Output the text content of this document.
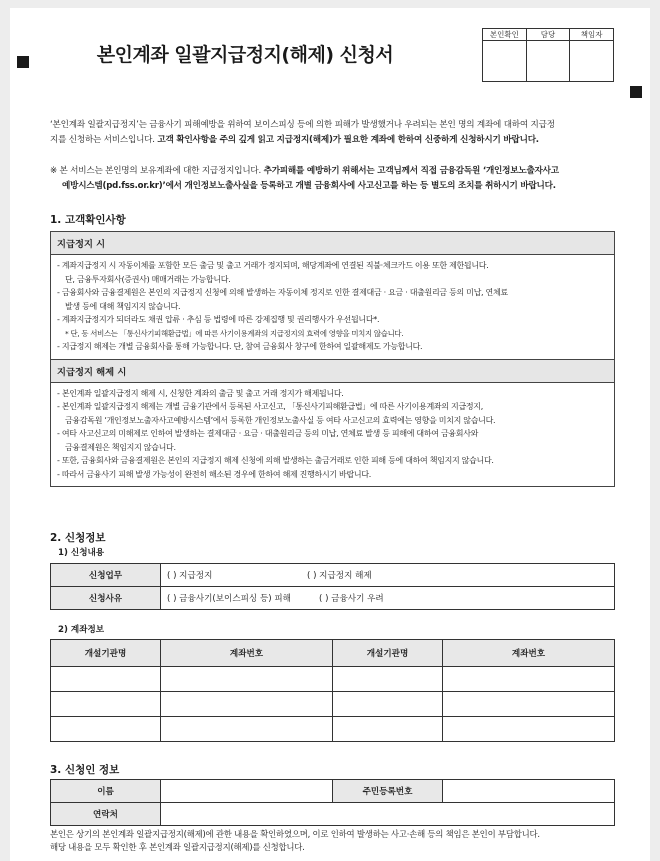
본인계좌 일괄지급정지(해제) 신청서
본인확인	담당	책임자

‘본인계좌 일괄지급정지’는 금융사기 피해예방을 위하여 보이스피싱 등에 의한 피해가 발생했거나 우려되는 본인 명의 계좌에 대하여 지급정
지를 신청하는 서비스입니다. 고객 확인사항을 주의 깊게 읽고 지급정지(해제)가 필요한 계좌에 한하여 신중하게 신청하시기 바랍니다.
※ 본 서비스는 본인명의 보유계좌에 대한 지급정지입니다. 추가피해를 예방하기 위해서는 고객님께서 직접 금융감독원 ‘개인정보노출자사고
예방시스템(pd.fss.or.kr)’에서 개인정보노출사실을 등록하고 개별 금융회사에 사고신고를 하는 등 별도의 조치를 취하시기 바랍니다.
1. 고객확인사항
지급정지 시
- 계좌지급정지 시 자동이체를 포함한 모든 출금 및 출고 거래가 정지되며, 해당계좌에 연결된 직불·체크카드 이용 또한 제한됩니다.
단, 금융투자회사(증권사) 매매거래는 가능합니다.
- 금융회사와 금융결제원은 본인의 지급정지 신청에 의해 발생하는 자동이체 정지로 인한 결제대금 · 요금 · 대출원리금 등의 미납, 연체료
발생 등에 대해 책임지지 않습니다.
- 계좌지급정지가 되더라도 채권 압류 · 추심 등 법령에 따른 강제집행 및 권리행사가 우선됩니다*.
* 단, 동 서비스는 「통신사기피해환급법」에 따른 사기이용계좌의 지급정지의 효력에 영향을 미치지 않습니다.
- 지급정지 해제는 개별 금융회사를 통해 가능합니다. 단, 참여 금융회사 창구에 한하여 일괄해제도 가능합니다.
지급정지 해제 시
- 본인계좌 일괄지급정지 해제 시, 신청한 계좌의 출금 및 출고 거래 정지가 해제됩니다.
- 본인계좌 일괄지급정지 해제는 개별 금융기관에서 등록된 사고신고, 「통신사기피해환급법」에 따른 사기이용계좌의 지급정지,
금융감독원 ‘개인정보노출자사고예방시스템’에서 등록한 개인정보노출사실 등 여타 사고신고의 효력에는 영향을 미치지 않습니다.
- 여타 사고신고의 미해제로 인하여 발생하는 결제대금 · 요금 · 대출원리금 등의 미납, 연체료 발생 등 피해에 대하여 금융회사와
금융결제원은 책임지지 않습니다.
- 또한, 금융회사와 금융결제원은 본인의 지급정지 해제 신청에 의해 발생하는 출금거래로 인한 피해 등에 대하여 책임지지 않습니다.
- 따라서 금융사기 피해 발생 가능성이 완전히 해소된 경우에 한하여 해제 진행하시기 바랍니다.
2. 신청정보
1) 신청내용
신청업무	( ) 지급정지 ( ) 지급정지 해제
신청사유	( ) 금융사기(보이스피싱 등) 피해 ( ) 금융사기 우려
2) 계좌정보
개설기관명	계좌번호	개설기관명	계좌번호

3. 신청인 정보
이름		주민등록번호	
연락처			
본인은 상기의 본인계좌 일괄지급정지(해제)에 관한 내용을 확인하였으며, 이로 인하여 발생하는 사고·손해 등의 책임은 본인이 부담합니다.
해당 내용을 모두 확인한 후 본인계좌 일괄지급정지(해제)를 신청합니다.
